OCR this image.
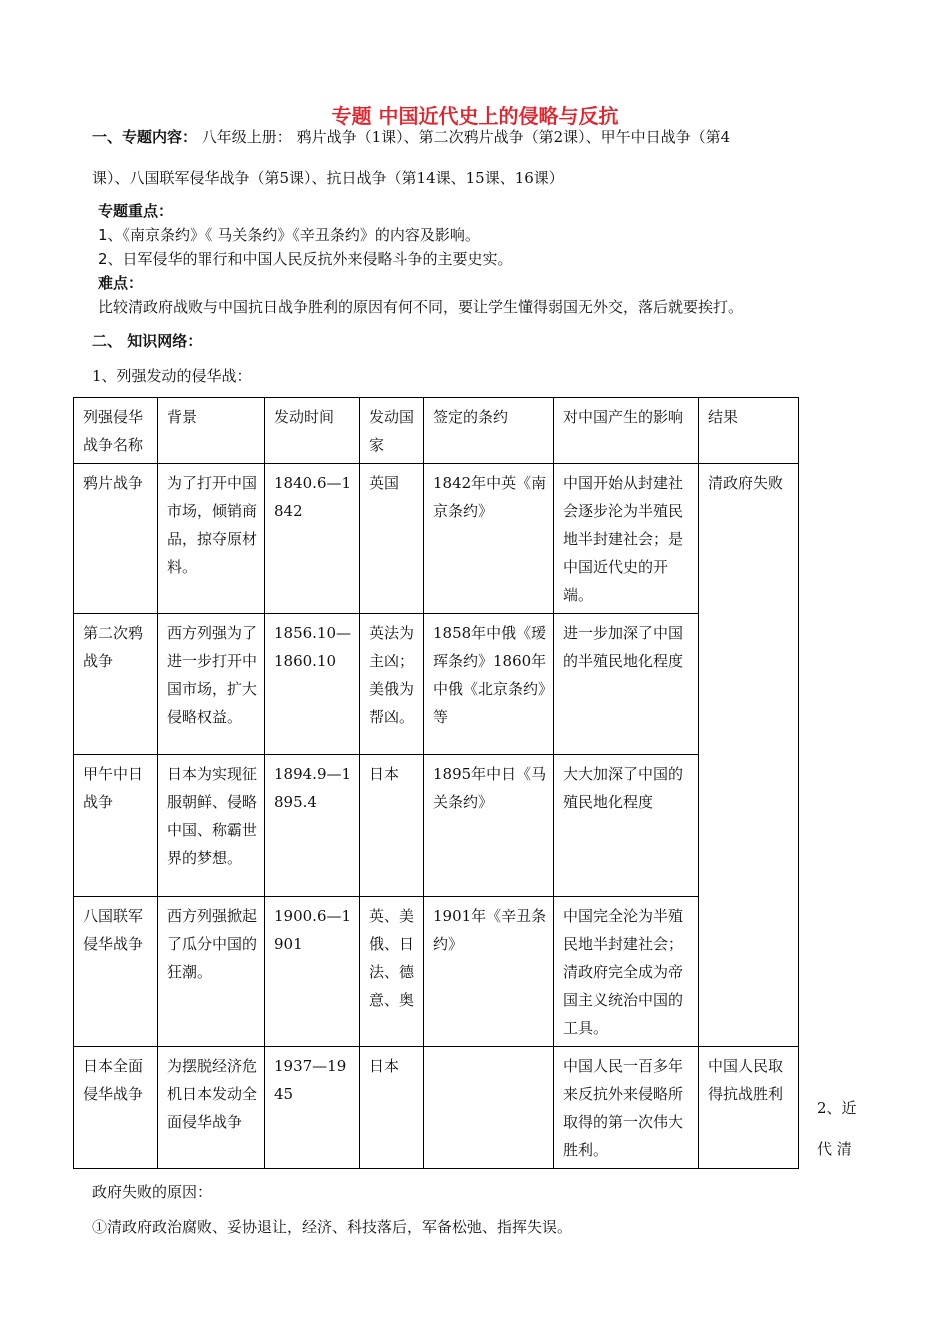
专题 中国近代史上的侵略与反抗
一、专题内容： 八年级上册： 鸦片战争（1课）、第二次鸦片战争（第2课）、甲午中日战争（第4
课）、八国联军侵华战争（第5课）、抗日战争（第14课、15课、16课）
专题重点：
1、《南京条约》《 马关条约》《辛丑条约》的内容及影响。
2、日军侵华的罪行和中国人民反抗外来侵略斗争的主要史实。
难点：
比较清政府战败与中国抗日战争胜利的原因有何不同，要让学生懂得弱国无外交，落后就要挨打。
二、 知识网络：
1、列强发动的侵华战：
列强侵华战争名称	背景	发动时间	发动国家	签定的条约	对中国产生的影响	结果
鸦片战争	为了打开中国市场，倾销商品，掠夺原材料。	1840.6—1842	英国	1842年中英《南京条约》	中国开始从封建社会逐步沦为半殖民地半封建社会；是中国近代史的开端。	清政府失败
第二次鸦战争	西方列强为了进一步打开中国市场，扩大侵略权益。	1856.10—1860.10	英法为主凶；美俄为帮凶。	1858年中俄《瑷珲条约》1860年中俄《北京条约》等	进一步加深了中国的半殖民地化程度	
甲午中日战争	日本为实现征服朝鲜、侵略中国、称霸世界的梦想。	1894.9—1895.4	日本	1895年中日《马关条约》	大大加深了中国的殖民地化程度	
八国联军侵华战争	西方列强掀起了瓜分中国的狂潮。	1900.6—1901	英、美俄、日法、德意、奥	1901年《辛丑条约》	中国完全沦为半殖民地半封建社会；清政府完全成为帝国主义统治中国的工具。	
日本全面侵华战争	为摆脱经济危机日本发动全面侵华战争	1937—1945	日本		中国人民一百多年来反抗外来侵略所取得的第一次伟大胜利。	中国人民取得抗战胜利
2、近
代 清
政府失败的原因：
①清政府政治腐败、妥协退让，经济、科技落后，军备松弛、指挥失误。
